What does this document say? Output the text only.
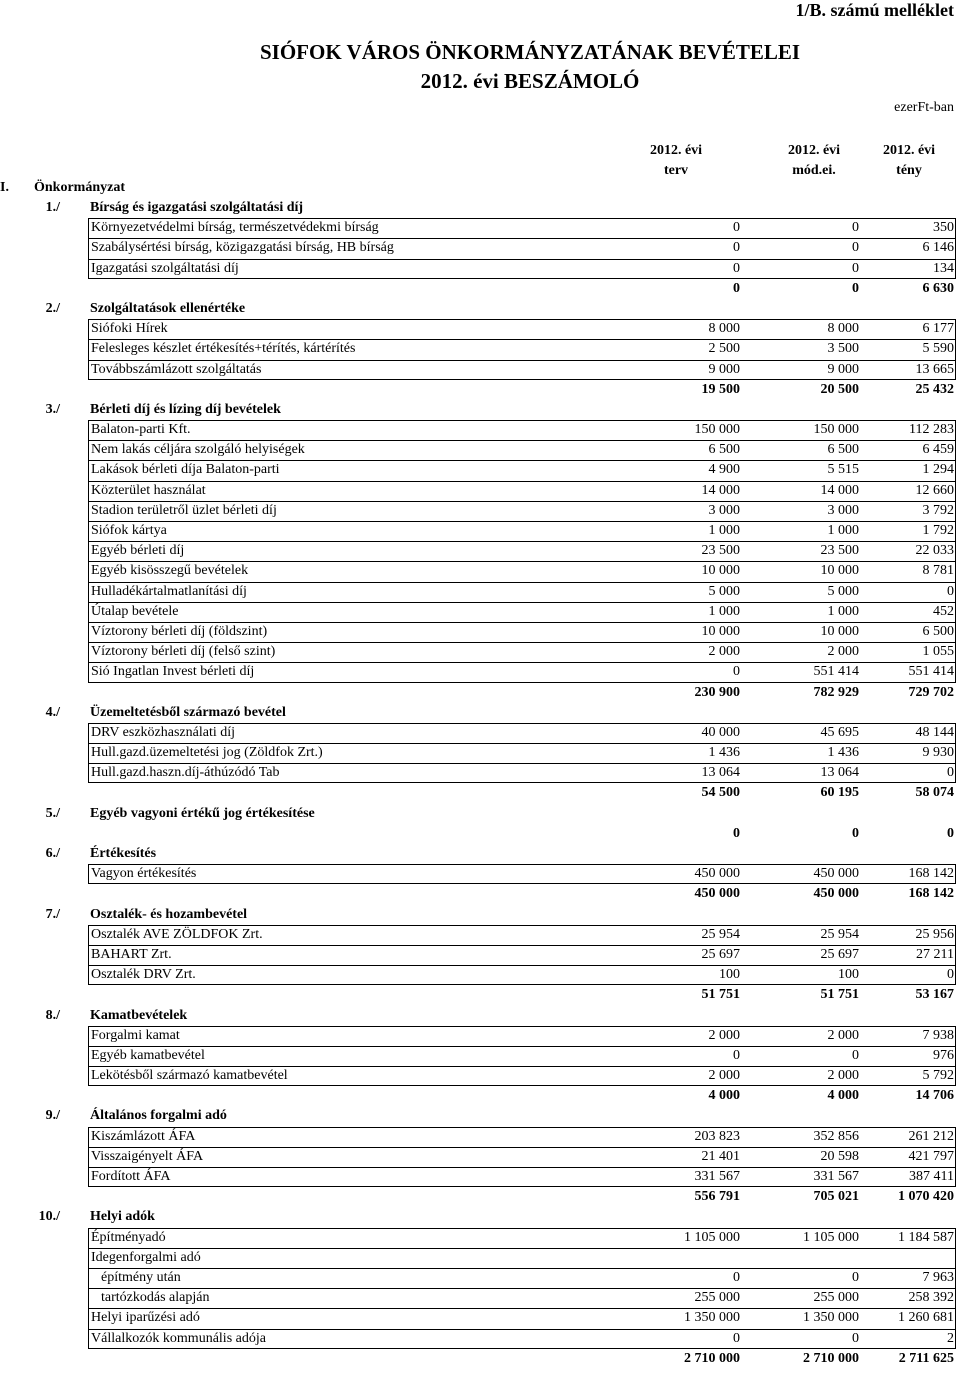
1/B. számú melléklet
SIÓFOK VÁROS ÖNKORMÁNYZATÁNAK BEVÉTELEI
2012. évi BESZÁMOLÓ
ezerFt-ban
2012. évi
terv
2012. évi
mód.ei.
2012. évi
tény
I. Önkormányzat
1./ Bírság és igazgatási szolgáltatási díj
Környezetvédelmi bírság, természetvédekmi bírság	0	0	350
Szabálysértési bírság, közigazgatási bírság, HB bírság	0	0	6 146
Igazgatási szolgáltatási díj	0	0	134
0	0	6 630
2./ Szolgáltatások ellenértéke
Siófoki Hírek	8 000	8 000	6 177
Felesleges készlet értékesítés+térítés, kártérítés	2 500	3 500	5 590
Továbbszámlázott szolgáltatás	9 000	9 000	13 665
19 500	20 500	25 432
3./ Bérleti díj és lízing díj bevételek
Balaton-parti Kft.	150 000	150 000	112 283
Nem lakás céljára szolgáló helyiségek	6 500	6 500	6 459
Lakások bérleti díja Balaton-parti	4 900	5 515	1 294
Közterület használat	14 000	14 000	12 660
Stadion területről üzlet bérleti díj	3 000	3 000	3 792
Siófok kártya	1 000	1 000	1 792
Egyéb bérleti díj	23 500	23 500	22 033
Egyéb kisösszegű bevételek	10 000	10 000	8 781
Hulladékártalmatlanítási díj	5 000	5 000	0
Útalap bevétele	1 000	1 000	452
Víztorony bérleti díj (földszint)	10 000	10 000	6 500
Víztorony bérleti díj (felső szint)	2 000	2 000	1 055
Sió Ingatlan Invest bérleti díj	0	551 414	551 414
230 900	782 929	729 702
4./ Üzemeltetésből származó bevétel
DRV eszközhasználati díj	40 000	45 695	48 144
Hull.gazd.üzemeltetési jog (Zöldfok Zrt.)	1 436	1 436	9 930
Hull.gazd.haszn.díj-áthúzódó Tab	13 064	13 064	0
54 500	60 195	58 074
5./ Egyéb vagyoni értékű jog értékesítése
0	0	0
6./ Értékesítés
Vagyon értékesítés	450 000	450 000	168 142
450 000	450 000	168 142
7./ Osztalék- és hozambevétel
Osztalék AVE ZÖLDFOK Zrt.	25 954	25 954	25 956
BAHART Zrt.	25 697	25 697	27 211
Osztalék DRV Zrt.	100	100	0
51 751	51 751	53 167
8./ Kamatbevételek
Forgalmi kamat	2 000	2 000	7 938
Egyéb kamatbevétel	0	0	976
Lekötésből származó kamatbevétel	2 000	2 000	5 792
4 000	4 000	14 706
9./ Általános forgalmi adó
Kiszámlázott ÁFA	203 823	352 856	261 212
Visszaigényelt ÁFA	21 401	20 598	421 797
Fordított ÁFA	331 567	331 567	387 411
556 791	705 021	1 070 420
10./ Helyi adók
Építményadó	1 105 000	1 105 000	1 184 587
Idegenforgalmi adó
építmény után	0	0	7 963
tartózkodás alapján	255 000	255 000	258 392
Helyi iparűzési adó	1 350 000	1 350 000	1 260 681
Vállalkozók kommunális adója	0	0	2
2 710 000	2 710 000	2 711 625
